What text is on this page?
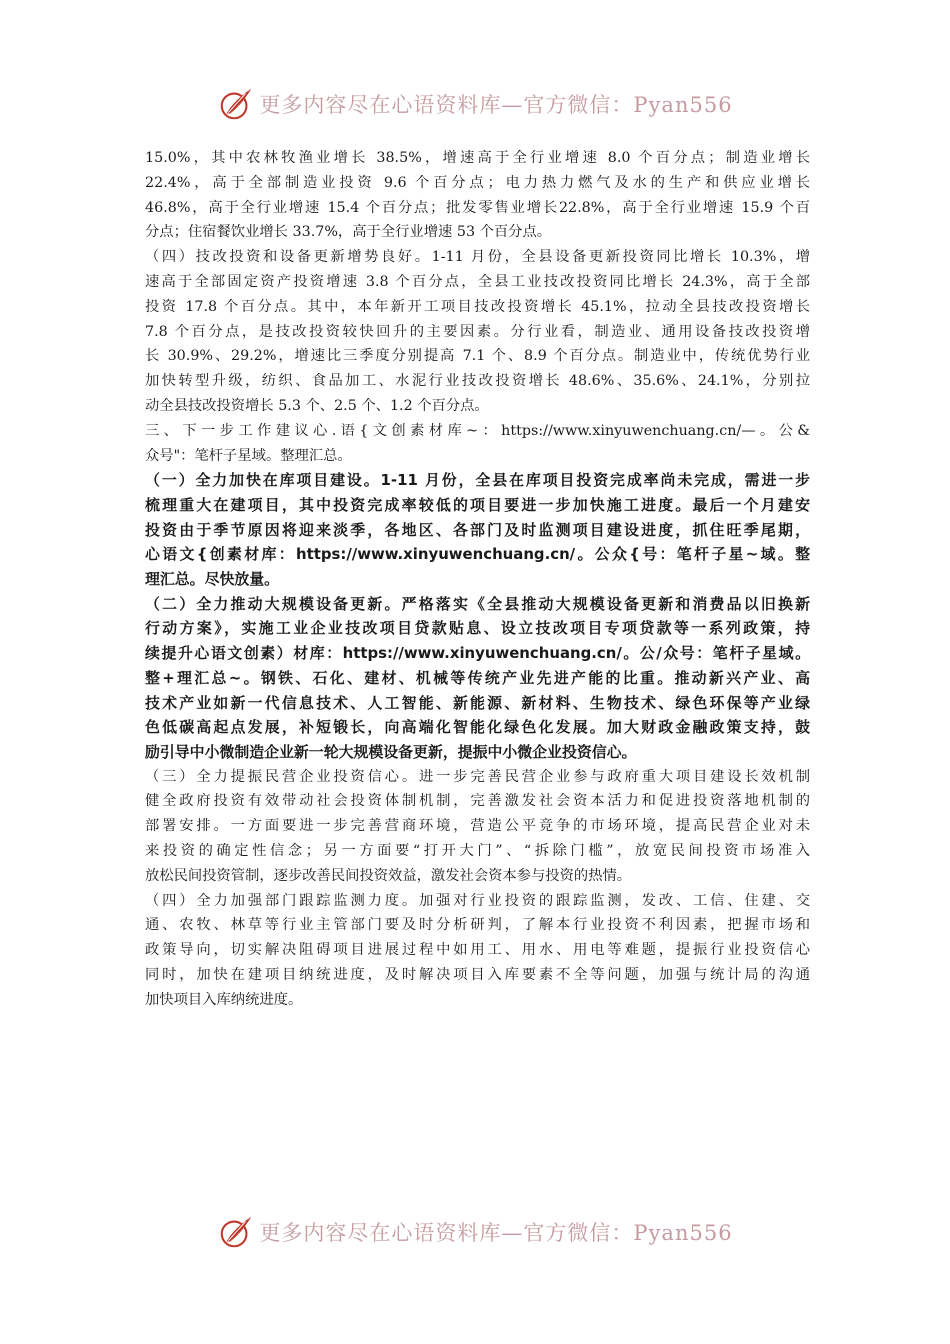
更多内容尽在心语资料库—官方微信：Pyan556
15.0%，其中农林牧渔业增长 38.5%，增速高于全行业增速 8.0 个百分点；制造业增长
22.4%，高于全部制造业投资 9.6 个百分点；电力热力燃气及水的生产和供应业增长
46.8%，高于全行业增速 15.4 个百分点；批发零售业增长22.8%，高于全行业增速 15.9 个百
分点；住宿餐饮业增长 33.7%，高于全行业增速 53 个百分点。
（四）技改投资和设备更新增势良好。1-11 月份，全县设备更新投资同比增长 10.3%，增
速高于全部固定资产投资增速 3.8 个百分点，全县工业技改投资同比增长 24.3%，高于全部
投资 17.8 个百分点。其中，本年新开工项目技改投资增长 45.1%，拉动全县技改投资增长
7.8 个百分点，是技改投资较快回升的主要因素。分行业看，制造业、通用设备技改投资增
长 30.9%、29.2%，增速比三季度分别提高 7.1 个、8.9 个百分点。制造业中，传统优势行业
加快转型升级，纺织、食品加工、水泥行业技改投资增长 48.6%、35.6%、24.1%，分别拉
动全县技改投资增长 5.3 个、2.5 个、1.2 个百分点。
三、下一步工作建议心.语{文创素材库~：https://www.xinyuwenchuang.cn/—。公&
众号"：笔杆子星域。整理汇总。
（一）全力加快在库项目建设。1-11 月份，全县在库项目投资完成率尚未完成，需进一步
梳理重大在建项目，其中投资完成率较低的项目要进一步加快施工进度。最后一个月建安
投资由于季节原因将迎来淡季，各地区、各部门及时监测项目建设进度，抓住旺季尾期，
心语文{创素材库：https://www.xinyuwenchuang.cn/。公众{号：笔杆子星~域。整
理汇总。尽快放量。
（二）全力推动大规模设备更新。严格落实《全县推动大规模设备更新和消费品以旧换新
行动方案》，实施工业企业技改项目贷款贴息、设立技改项目专项贷款等一系列政策，持
续提升心语文创素）材库：https://www.xinyuwenchuang.cn/。公/众号：笔杆子星域。
整+理汇总~。钢铁、石化、建材、机械等传统产业先进产能的比重。推动新兴产业、高
技术产业如新一代信息技术、人工智能、新能源、新材料、生物技术、绿色环保等产业绿
色低碳高起点发展，补短锻长，向高端化智能化绿色化发展。加大财政金融政策支持，鼓
励引导中小微制造企业新一轮大规模设备更新，提振中小微企业投资信心。
（三）全力提振民营企业投资信心。进一步完善民营企业参与政府重大项目建设长效机制
健全政府投资有效带动社会投资体制机制，完善激发社会资本活力和促进投资落地机制的
部署安排。一方面要进一步完善营商环境，营造公平竞争的市场环境，提高民营企业对未
来投资的确定性信念；另一方面要“打开大门”、“拆除门槛”，放宽民间投资市场准入
放松民间投资管制，逐步改善民间投资效益，激发社会资本参与投资的热情。
（四）全力加强部门跟踪监测力度。加强对行业投资的跟踪监测，发改、工信、住建、交
通、农牧、林草等行业主管部门要及时分析研判，了解本行业投资不利因素，把握市场和
政策导向，切实解决阻碍项目进展过程中如用工、用水、用电等难题，提振行业投资信心
同时，加快在建项目纳统进度，及时解决项目入库要素不全等问题，加强与统计局的沟通
加快项目入库纳统进度。
更多内容尽在心语资料库—官方微信：Pyan556
